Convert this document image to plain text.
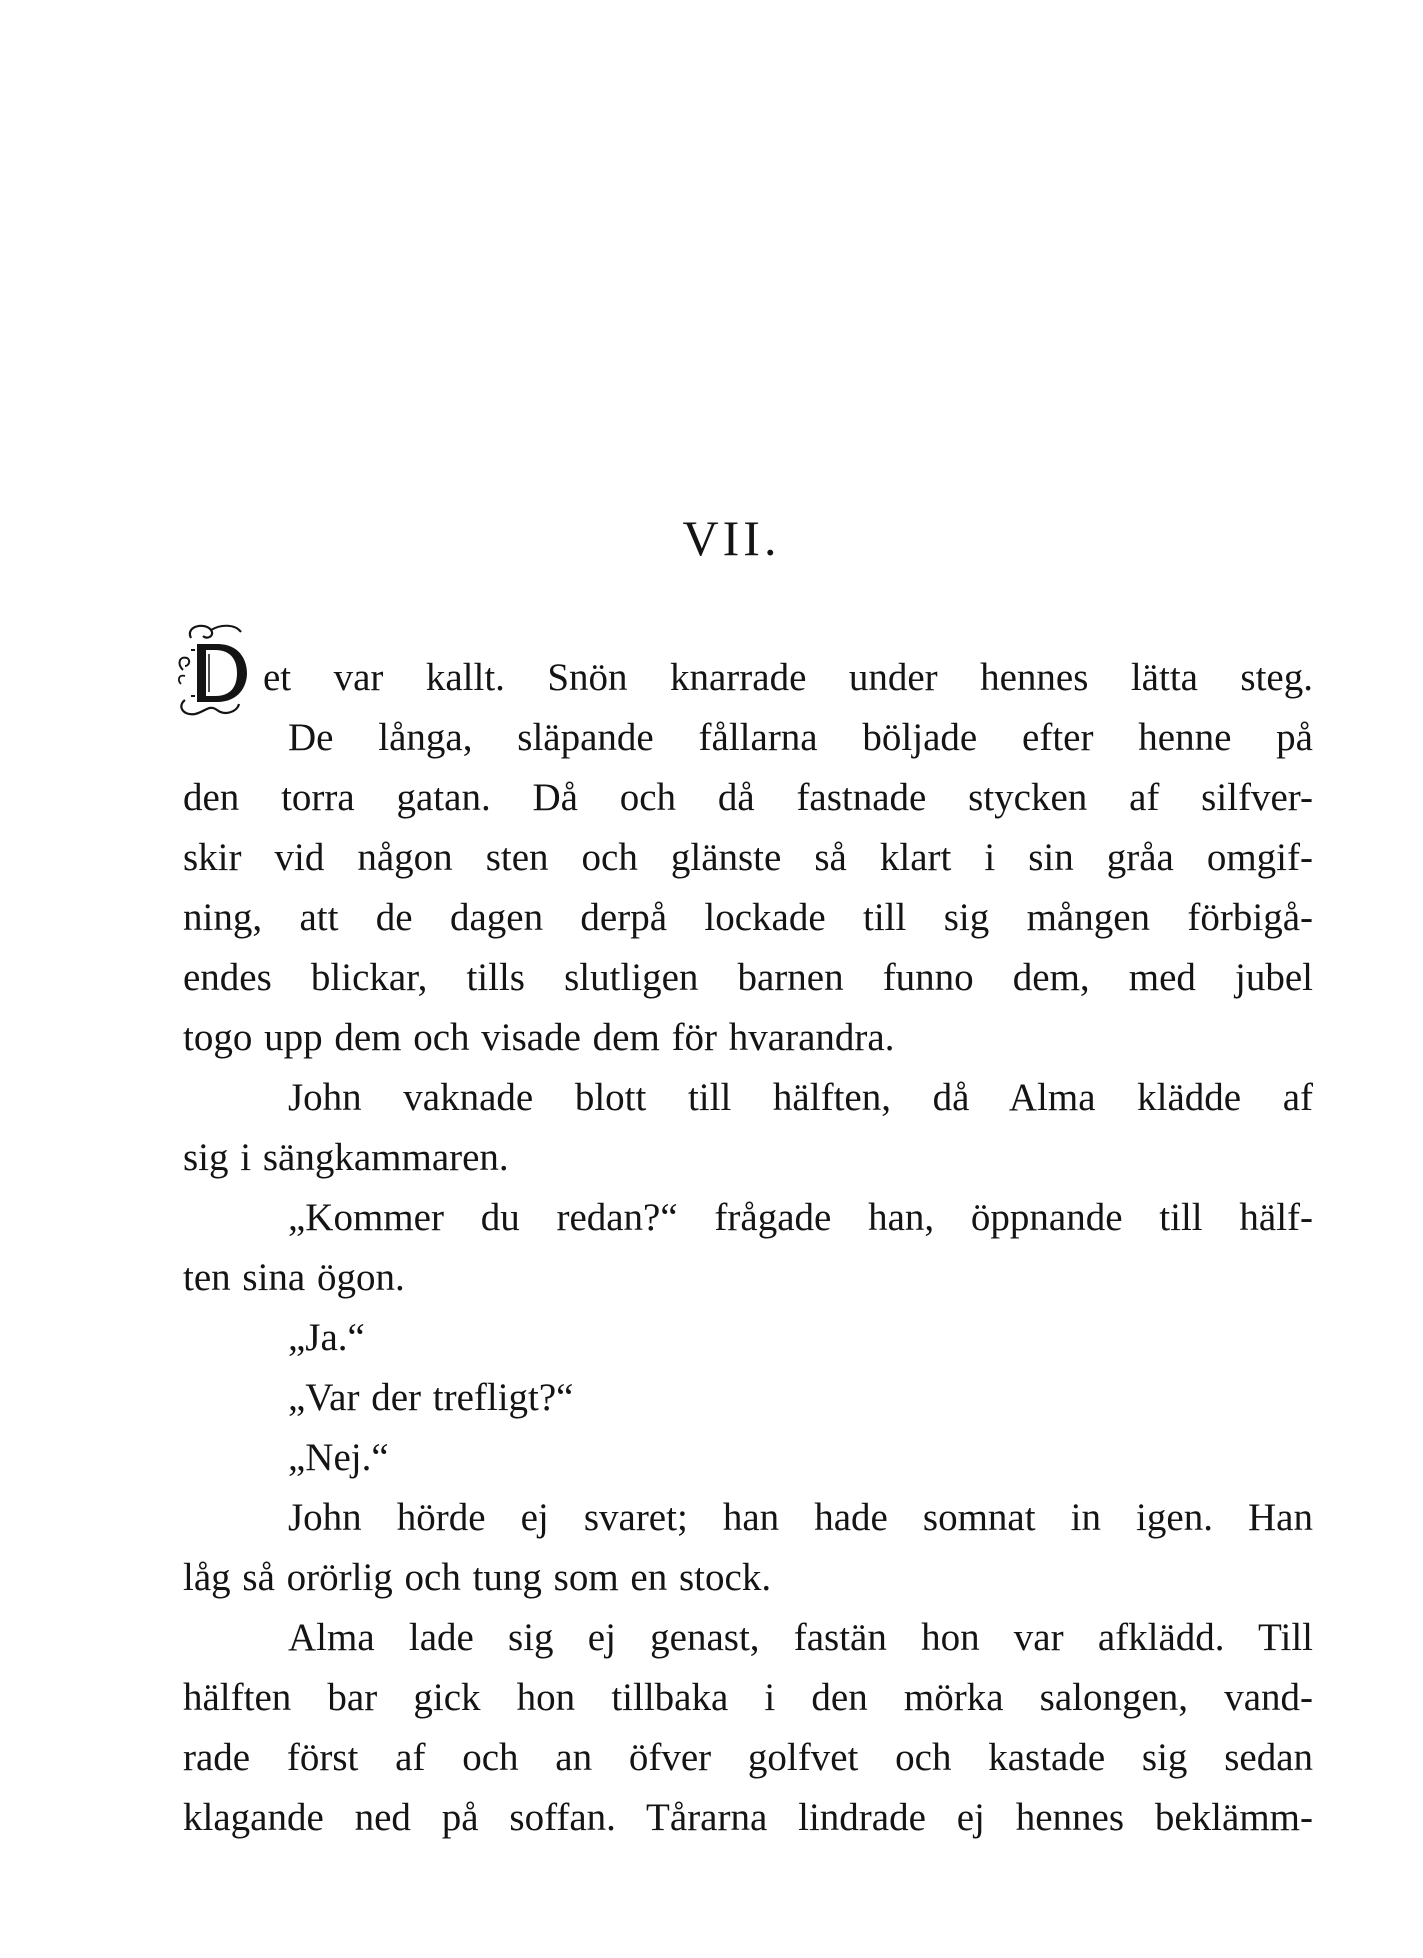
VII.
et var kallt. Snön knarrade under hennes lätta steg.
De långa, släpande fållarna böljade efter henne på
den torra gatan. Då och då fastnade stycken af silfver-
skir vid någon sten och glänste så klart i sin gråa omgif-
ning, att de dagen derpå lockade till sig mången förbigå-
endes blickar, tills slutligen barnen funno dem, med jubel
togo upp dem och visade dem för hvarandra.
John vaknade blott till hälften, då Alma klädde af
sig i sängkammaren.
„Kommer du redan?“ frågade han, öppnande till hälf-
ten sina ögon.
„Ja.“
„Var der trefligt?“
„Nej.“
John hörde ej svaret; han hade somnat in igen. Han
låg så orörlig och tung som en stock.
Alma lade sig ej genast, fastän hon var afklädd. Till
hälften bar gick hon tillbaka i den mörka salongen, vand-
rade först af och an öfver golfvet och kastade sig sedan
klagande ned på soffan. Tårarna lindrade ej hennes beklämm-
